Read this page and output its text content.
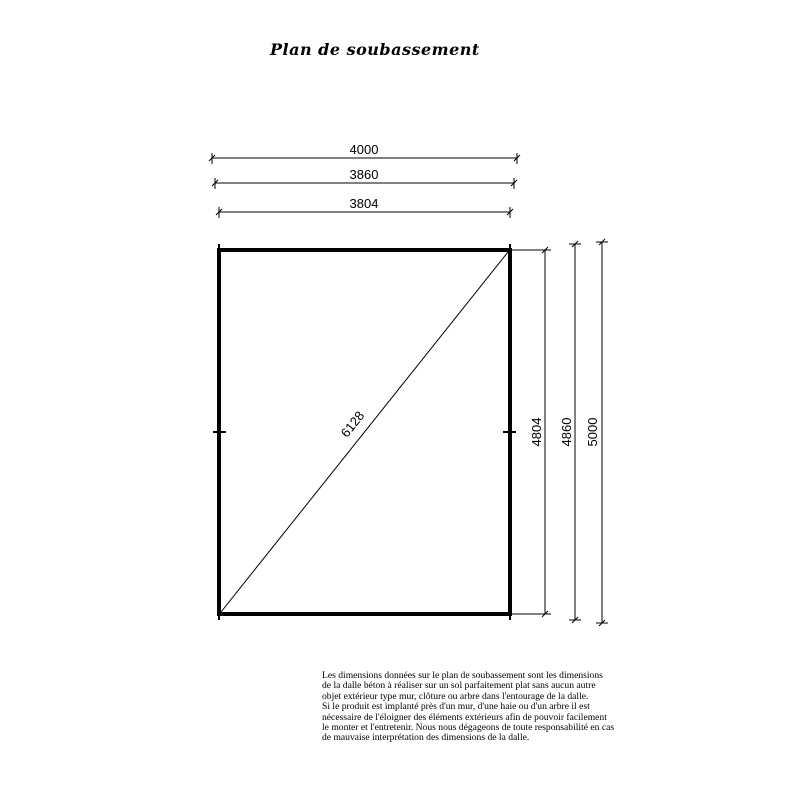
Plan de soubassement
6128
4000
3860
3804
4804 4860 5000
Les dimensions données sur le plan de soubassement sont les dimensions
de la dalle béton à réaliser sur un sol parfaitement plat sans aucun autre
objet extérieur type mur, clôture ou arbre dans l'entourage de la dalle.
Si le produit est implanté près d'un mur, d'une haie ou d'un arbre il est
nécessaire de l'éloigner des éléments extérieurs afin de pouvoir facilement
le monter et l'entretenir. Nous nous dégageons de toute responsabilité en cas
de mauvaise interprétation des dimensions de la dalle.
